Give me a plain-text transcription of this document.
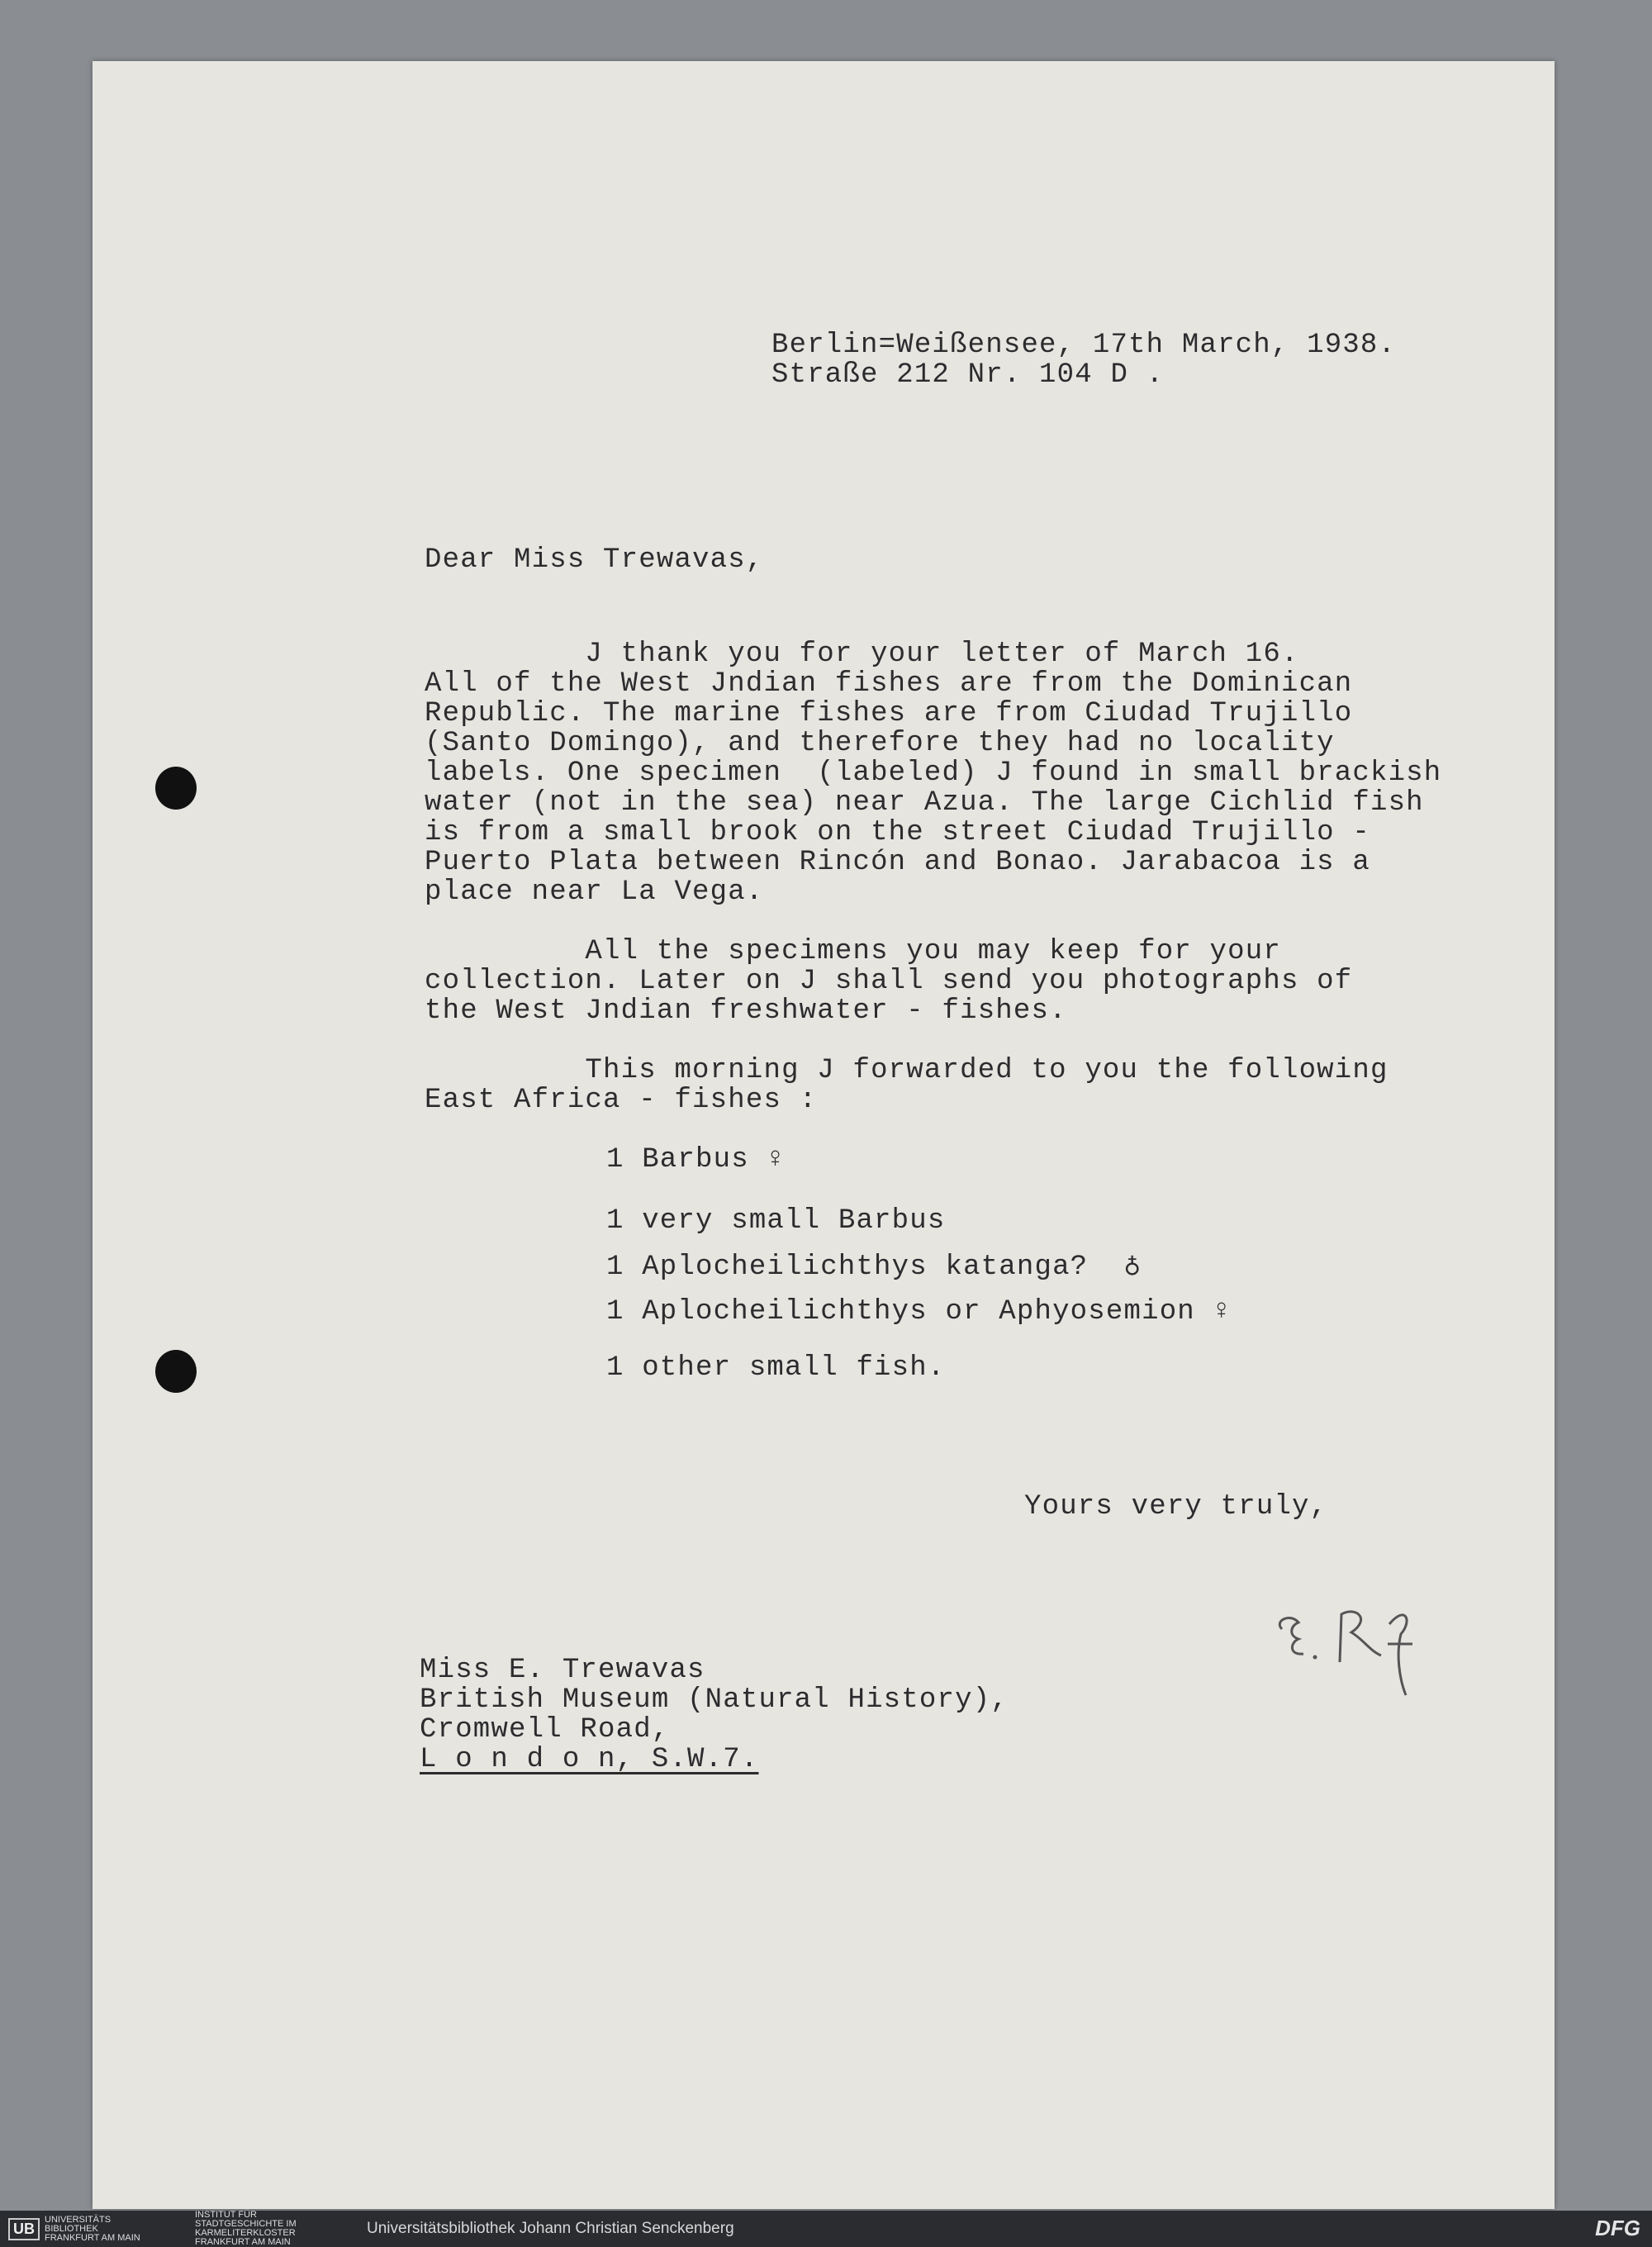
Berlin=Weißensee, 17th March, 1938.
Straße 212 Nr. 104 D .
Dear Miss Trewavas,
J thank you for your letter of March 16.
All of the West Jndian fishes are from the Dominican
Republic. The marine fishes are from Ciudad Trujillo
(Santo Domingo), and therefore they had no locality
labels. One specimen  (labeled) J found in small brackish
water (not in the sea) near Azua. The large Cichlid fish
is from a small brook on the street Ciudad Trujillo -
Puerto Plata between Rincón and Bonao. Jarabacoa is a
place near La Vega.
All the specimens you may keep for your
collection. Later on J shall send you photographs of
the West Jndian freshwater - fishes.
This morning J forwarded to you the following
East Africa - fishes :
1 Barbus ♀
1 very small Barbus
1 Aplocheilichthys katanga?  ♁
1 Aplocheilichthys or Aphyosemion ♀
1 other small fish.
Yours very truly,
Miss E. Trewavas
British Museum (Natural History),
Cromwell Road,
L o n d o n, S.W.7.
UB
UNIVERSITÄTS BIBLIOTHEK FRANKFURT AM MAIN
INSTITUT FÜR STADTGESCHICHTE IM KARMELITERKLOSTER FRANKFURT AM MAIN
Universitätsbibliothek Johann Christian Senckenberg	DFG
